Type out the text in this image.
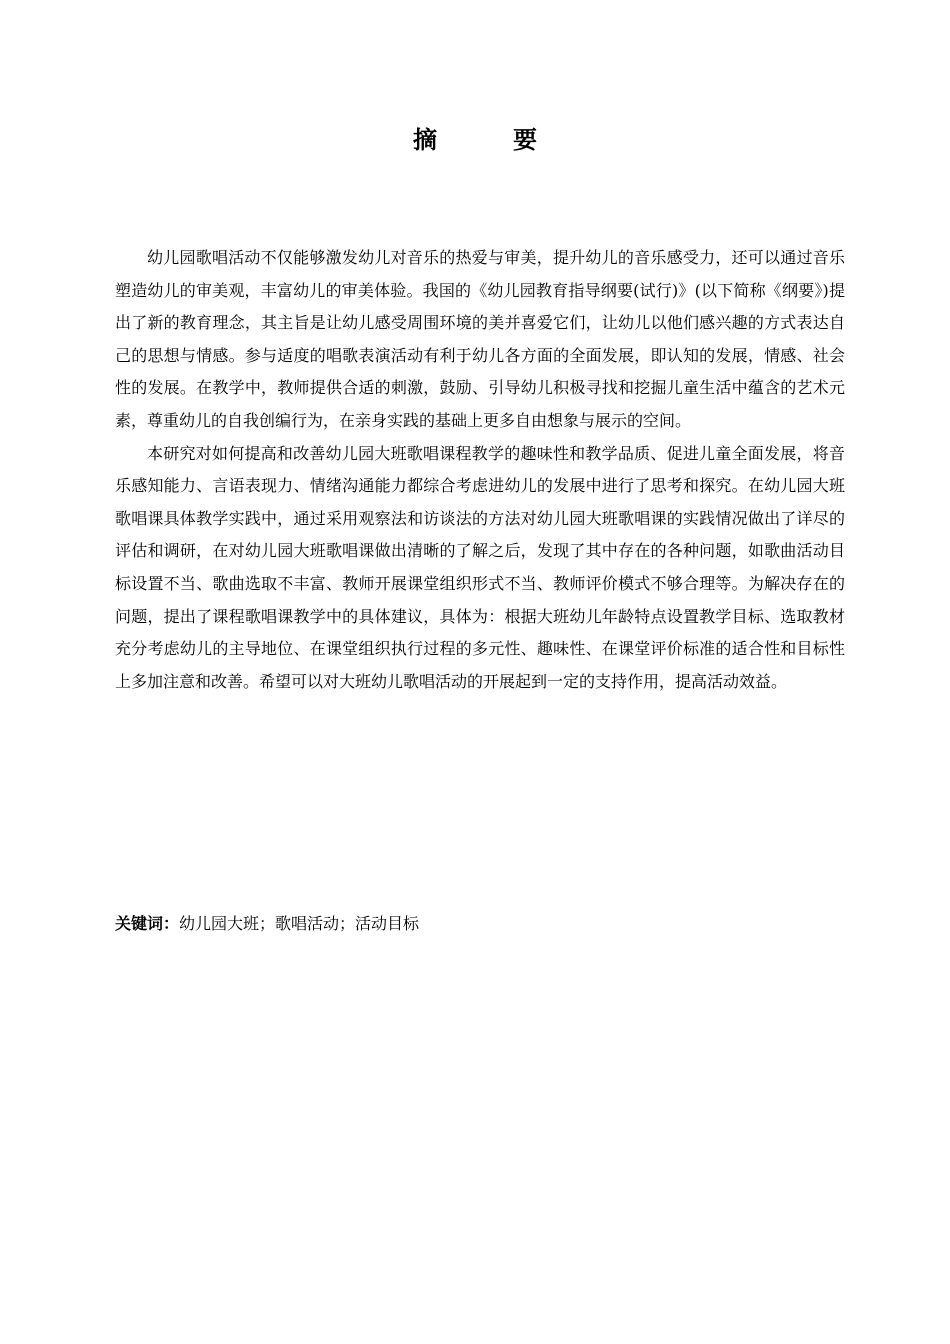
摘　要

幼儿园歌唱活动不仅能够激发幼儿对音乐的热爱与审美，提升幼儿的音乐感受力，还可以通过音乐塑造幼儿的审美观，丰富幼儿的审美体验。我国的《幼儿园教育指导纲要(试行)》(以下简称《纲要》)提出了新的教育理念，其主旨是让幼儿感受周围环境的美并喜爱它们，让幼儿以他们感兴趣的方式表达自己的思想与情感。参与适度的唱歌表演活动有利于幼儿各方面的全面发展，即认知的发展，情感、社会性的发展。在教学中，教师提供合适的刺激，鼓励、引导幼儿积极寻找和挖掘儿童生活中蕴含的艺术元素，尊重幼儿的自我创编行为，在亲身实践的基础上更多自由想象与展示的空间。

本研究对如何提高和改善幼儿园大班歌唱课程教学的趣味性和教学品质、促进儿童全面发展，将音乐感知能力、言语表现力、情绪沟通能力都综合考虑进幼儿的发展中进行了思考和探究。在幼儿园大班歌唱课具体教学实践中，通过采用观察法和访谈法的方法对幼儿园大班歌唱课的实践情况做出了详尽的评估和调研，在对幼儿园大班歌唱课做出清晰的了解之后，发现了其中存在的各种问题，如歌曲活动目标设置不当、歌曲选取不丰富、教师开展课堂组织形式不当、教师评价模式不够合理等。为解决存在的问题，提出了课程歌唱课教学中的具体建议，具体为：根据大班幼儿年龄特点设置教学目标、选取教材充分考虑幼儿的主导地位、在课堂组织执行过程的多元性、趣味性、在课堂评价标准的适合性和目标性上多加注意和改善。希望可以对大班幼儿歌唱活动的开展起到一定的支持作用，提高活动效益。

关键词：幼儿园大班；歌唱活动；活动目标
